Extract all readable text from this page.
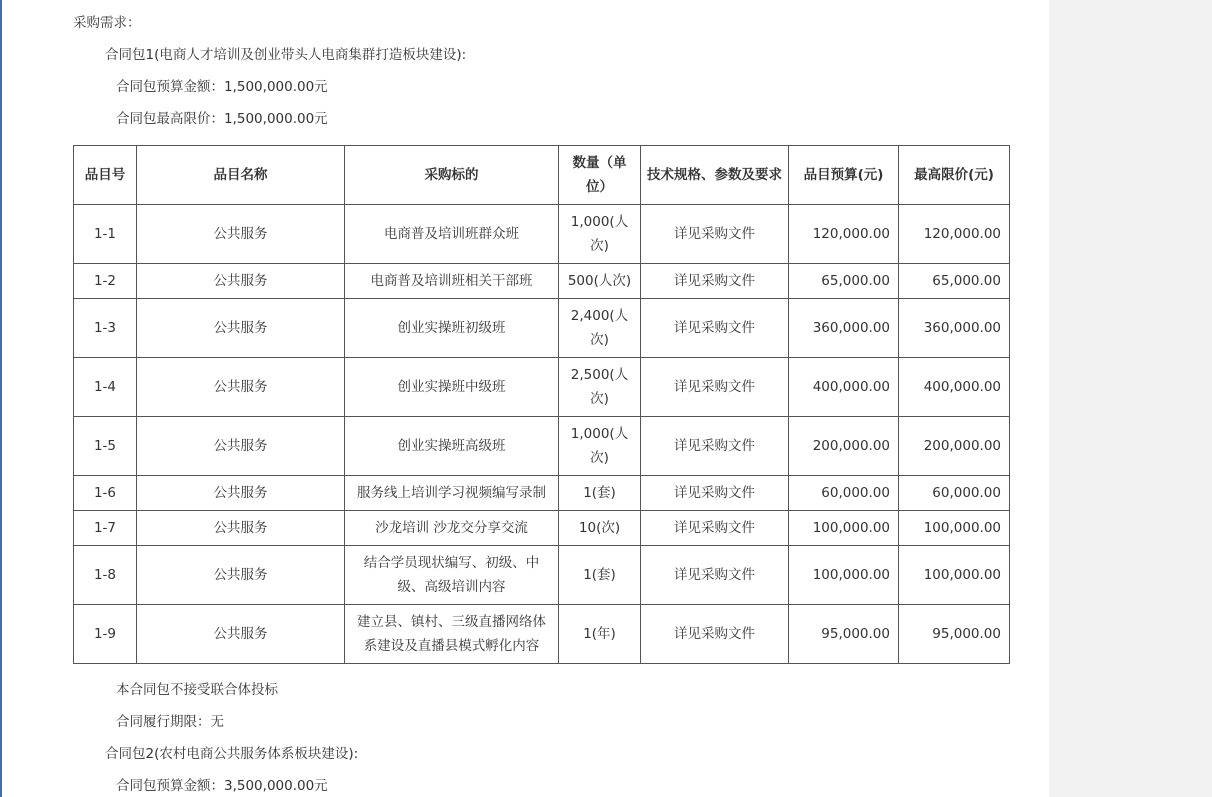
采购需求：
合同包1(电商人才培训及创业带头人电商集群打造板块建设):
合同包预算金额：1,500,000.00元
合同包最高限价：1,500,000.00元
品目号	品目名称	采购标的	数量（单位）	技术规格、参数及要求	品目预算(元)	最高限价(元)
1-1	公共服务	电商普及培训班群众班	1,000(人次)	详见采购文件	120,000.00	120,000.00
1-2	公共服务	电商普及培训班相关干部班	500(人次)	详见采购文件	65,000.00	65,000.00
1-3	公共服务	创业实操班初级班	2,400(人次)	详见采购文件	360,000.00	360,000.00
1-4	公共服务	创业实操班中级班	2,500(人次)	详见采购文件	400,000.00	400,000.00
1-5	公共服务	创业实操班高级班	1,000(人次)	详见采购文件	200,000.00	200,000.00
1-6	公共服务	服务线上培训学习视频编写录制	1(套)	详见采购文件	60,000.00	60,000.00
1-7	公共服务	沙龙培训 沙龙交分享交流	10(次)	详见采购文件	100,000.00	100,000.00
1-8	公共服务	结合学员现状编写、初级、中级、高级培训内容	1(套)	详见采购文件	100,000.00	100,000.00
1-9	公共服务	建立县、镇村、三级直播网络体系建设及直播县模式孵化内容	1(年)	详见采购文件	95,000.00	95,000.00
本合同包不接受联合体投标
合同履行期限：无
合同包2(农村电商公共服务体系板块建设):
合同包预算金额：3,500,000.00元
